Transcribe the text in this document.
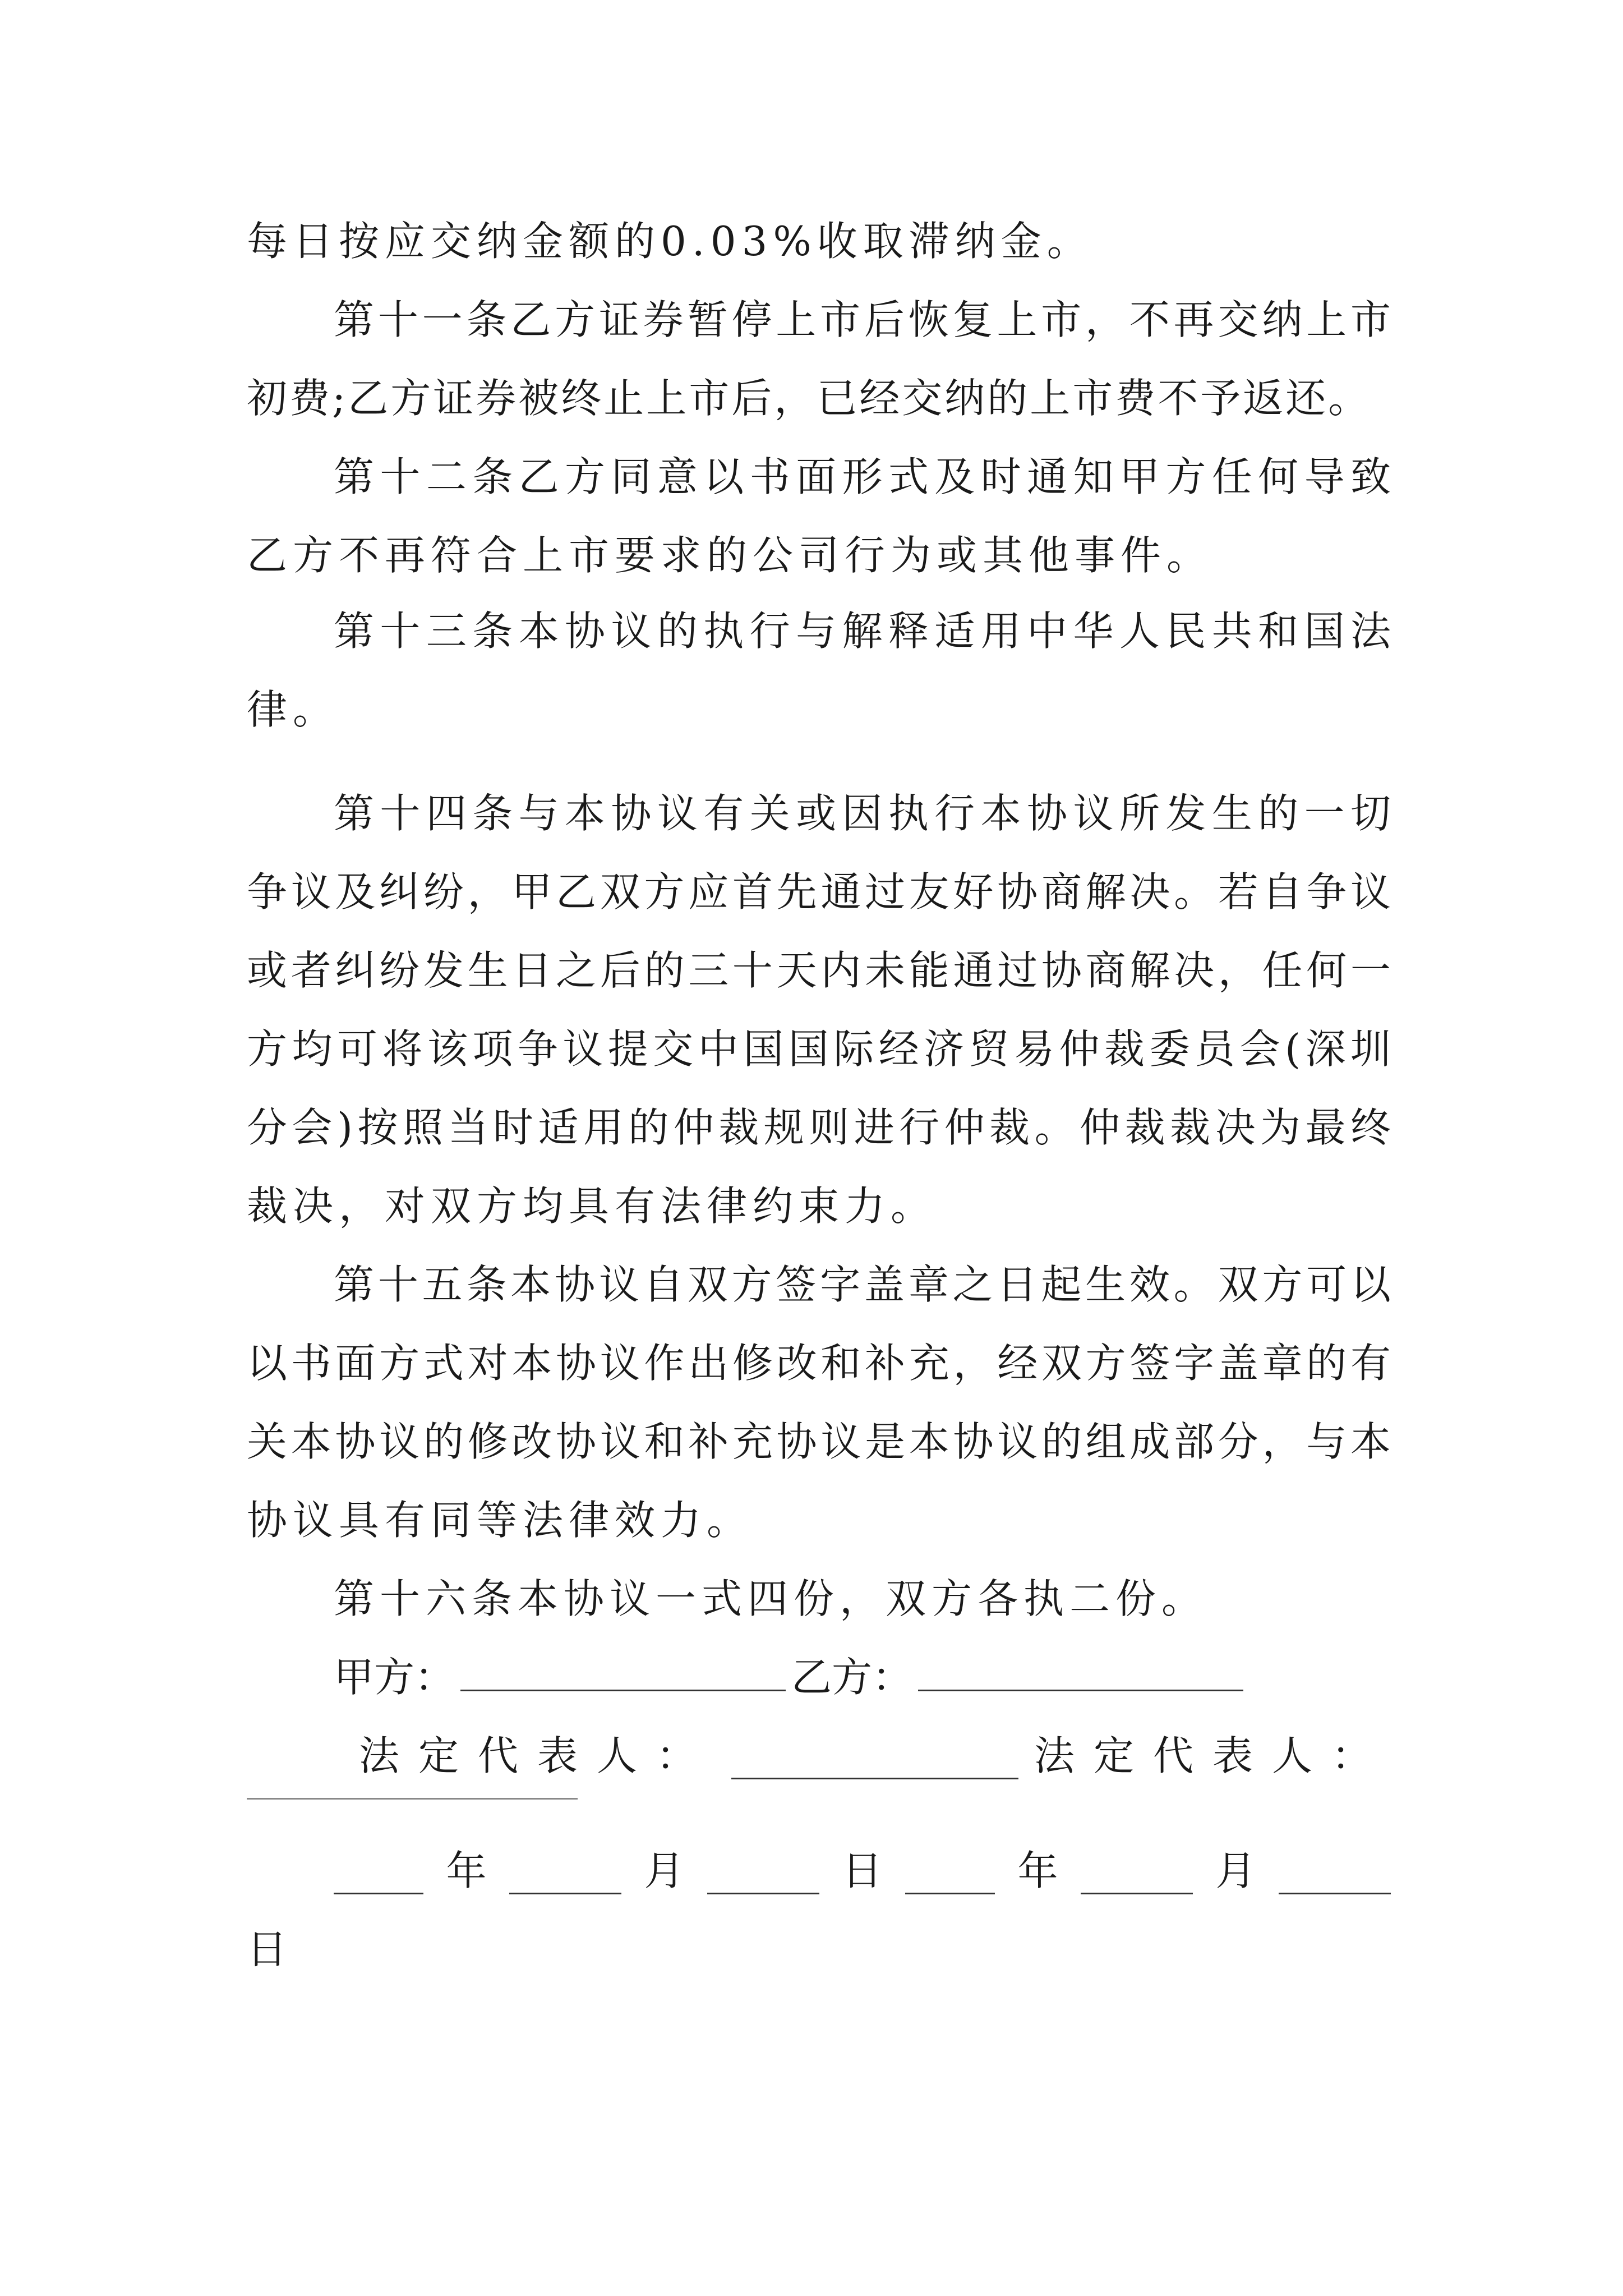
每日按应交纳金额的0.03%收取滞纳金。
第十一条乙方证券暂停上市后恢复上市，不再交纳上市
初费;乙方证券被终止上市后，已经交纳的上市费不予返还。
第十二条乙方同意以书面形式及时通知甲方任何导致
乙方不再符合上市要求的公司行为或其他事件。
第十三条本协议的执行与解释适用中华人民共和国法
律。
第十四条与本协议有关或因执行本协议所发生的一切
争议及纠纷，甲乙双方应首先通过友好协商解决。若自争议
或者纠纷发生日之后的三十天内未能通过协商解决，任何一
方均可将该项争议提交中国国际经济贸易仲裁委员会(深圳
分会)按照当时适用的仲裁规则进行仲裁。仲裁裁决为最终
裁决，对双方均具有法律约束力。
第十五条本协议自双方签字盖章之日起生效。双方可以
以书面方式对本协议作出修改和补充，经双方签字盖章的有
关本协议的修改协议和补充协议是本协议的组成部分，与本
协议具有同等法律效力。
第十六条本协议一式四份，双方各执二份。
甲方：	乙方：
法定代表人：	法定代表人：
年	月	日	年	月
日
